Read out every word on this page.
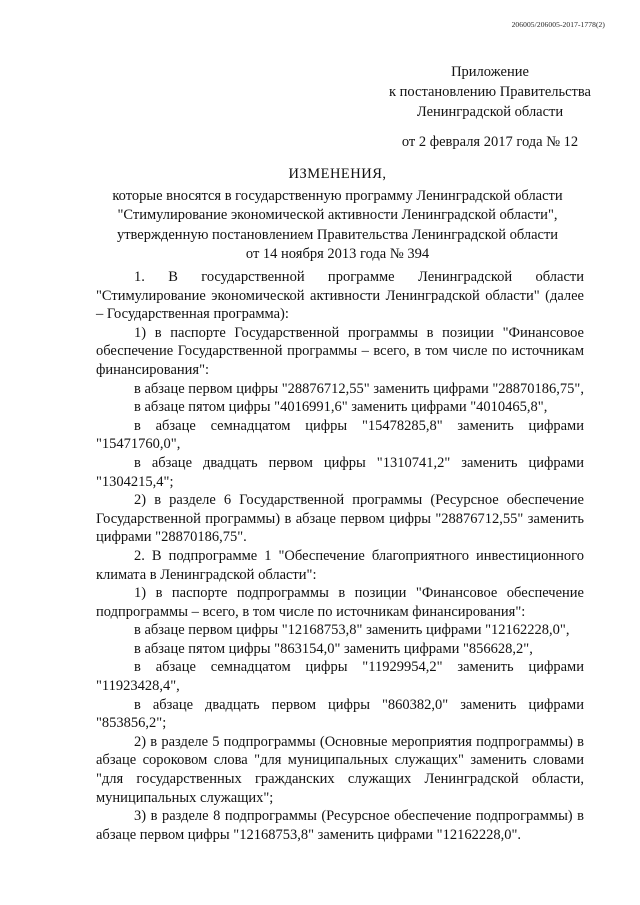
206005/206005-2017-1778(2)
Приложение
к постановлению Правительства
Ленинградской области
от 2 февраля 2017 года № 12
ИЗМЕНЕНИЯ,
которые вносятся в государственную программу Ленинградской области
"Стимулирование экономической активности Ленинградской области",
утвержденную постановлением Правительства Ленинградской области
от 14 ноября 2013 года № 394

1. В государственной программе Ленинградской области "Стимулирование экономической активности Ленинградской области" (далее – Государственная программа):

1) в паспорте Государственной программы в позиции "Финансовое обеспечение Государственной программы – всего, в том числе по источникам финансирования":

в абзаце первом цифры "28876712,55" заменить цифрами "28870186,75",

в абзаце пятом цифры "4016991,6" заменить цифрами "4010465,8",

в абзаце семнадцатом цифры "15478285,8" заменить цифрами "15471760,0",

в абзаце двадцать первом цифры "1310741,2" заменить цифрами "1304215,4";

2) в разделе 6 Государственной программы (Ресурсное обеспечение Государственной программы) в абзаце первом цифры "28876712,55" заменить цифрами "28870186,75".

2. В подпрограмме 1 "Обеспечение благоприятного инвестиционного климата в Ленинградской области":

1) в паспорте подпрограммы в позиции "Финансовое обеспечение подпрограммы – всего, в том числе по источникам финансирования":

в абзаце первом цифры "12168753,8" заменить цифрами "12162228,0",

в абзаце пятом цифры "863154,0" заменить цифрами "856628,2",

в абзаце семнадцатом цифры "11929954,2" заменить цифрами "11923428,4",

в абзаце двадцать первом цифры "860382,0" заменить цифрами "853856,2";

2) в разделе 5 подпрограммы (Основные мероприятия подпрограммы) в абзаце сороковом слова "для муниципальных служащих" заменить словами "для государственных гражданских служащих Ленинградской области, муниципальных служащих";

3) в разделе 8 подпрограммы (Ресурсное обеспечение подпрограммы) в абзаце первом цифры "12168753,8" заменить цифрами "12162228,0".
